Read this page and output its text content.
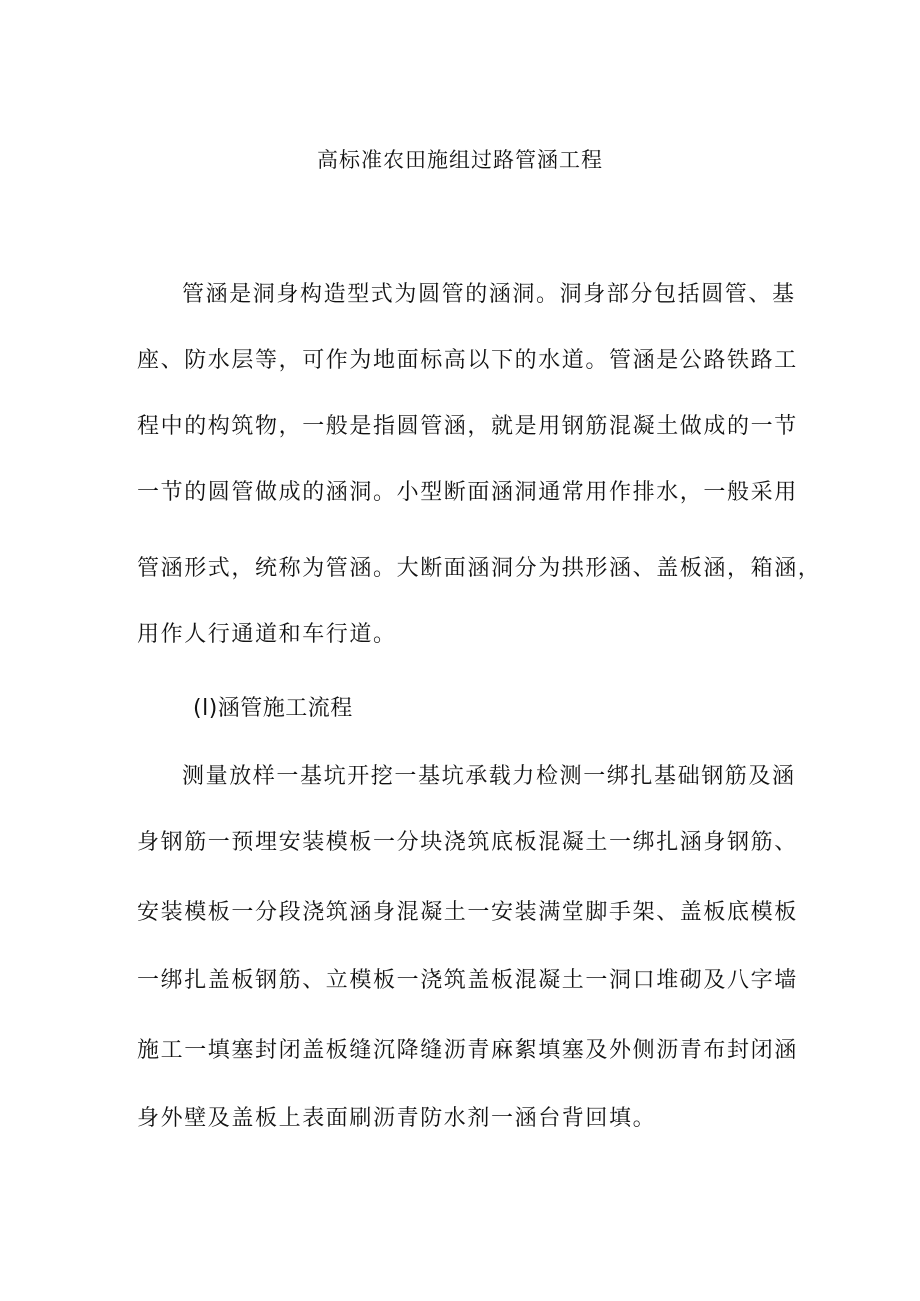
高标准农田施组过路管涵工程

管涵是洞身构造型式为圆管的涵洞。洞身部分包括圆管、基

座、防水层等，可作为地面标高以下的水道。管涵是公路铁路工

程中的构筑物，一般是指圆管涵，就是用钢筋混凝土做成的一节

一节的圆管做成的涵洞。小型断面涵洞通常用作排水，一般采用

管涵形式，统称为管涵。大断面涵洞分为拱形涵、盖板涵，箱涵，

用作人行通道和车行道。

(l)涵管施工流程

测量放样一基坑开挖一基坑承载力检测一绑扎基础钢筋及涵

身钢筋一预埋安装模板一分块浇筑底板混凝土一绑扎涵身钢筋、

安装模板一分段浇筑涵身混凝土一安装满堂脚手架、盖板底模板

一绑扎盖板钢筋、立模板一浇筑盖板混凝土一洞口堆砌及八字墙

施工一填塞封闭盖板缝沉降缝沥青麻絮填塞及外侧沥青布封闭涵

身外壁及盖板上表面刷沥青防水剂一涵台背回填。
